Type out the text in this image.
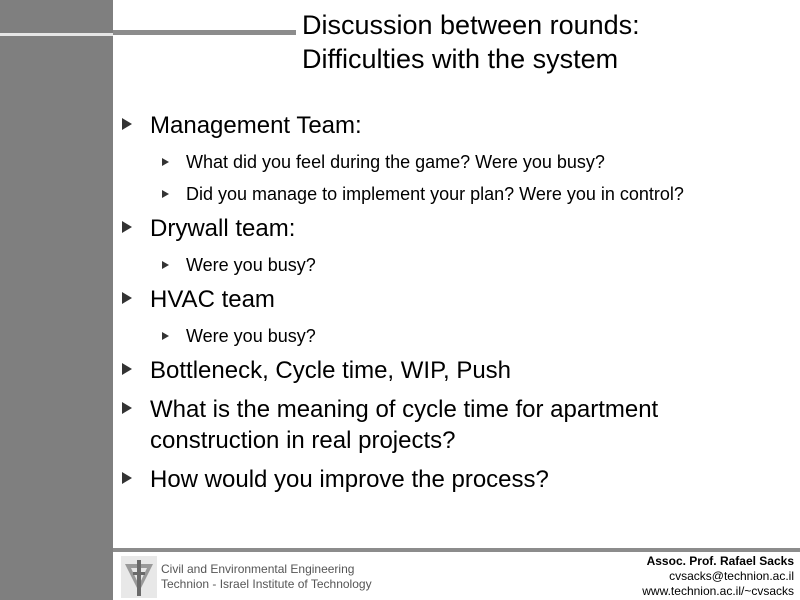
Discussion between rounds:
Difficulties with the system
Management Team:
What did you feel during the game? Were you busy?
Did you manage to implement your plan? Were you in control?
Drywall team:
Were you busy?
HVAC team
Were you busy?
Bottleneck, Cycle time, WIP, Push
What is the meaning of cycle time for apartment construction in real projects?
How would you improve the process?
Civil and Environmental Engineering
Technion - Israel Institute of Technology
Assoc. Prof. Rafael Sacks
cvsacks@technion.ac.il
www.technion.ac.il/~cvsacks
